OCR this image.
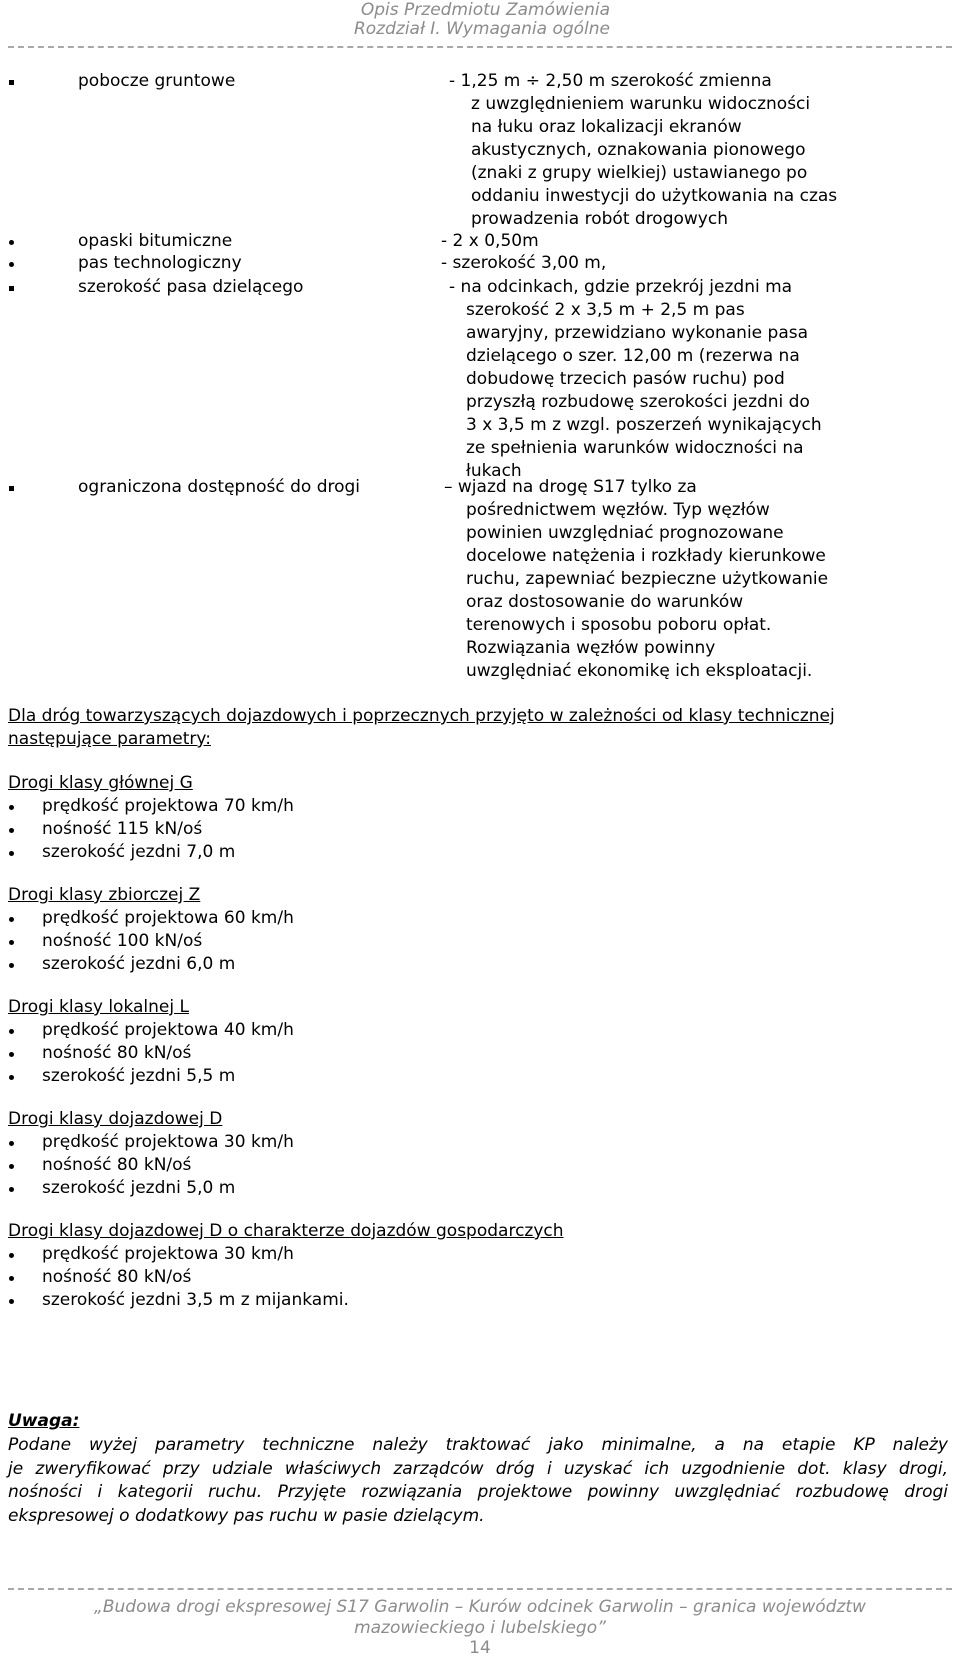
Opis Przedmiotu Zamówienia
Rozdział I. Wymagania ogólne
pobocze gruntowe	- 1,25 m ÷ 2,50 m szerokość zmienna
z uwzględnieniem warunku widoczności
na łuku oraz lokalizacji ekranów
akustycznych, oznakowania pionowego
(znaki z grupy wielkiej) ustawianego po
oddaniu inwestycji do użytkowania na czas
prowadzenia robót drogowych
opaski bitumiczne	- 2 x 0,50m
pas technologiczny	- szerokość 3,00 m,
szerokość pasa dzielącego	- na odcinkach, gdzie przekrój jezdni ma
szerokość 2 x 3,5 m + 2,5 m pas
awaryjny, przewidziano wykonanie pasa
dzielącego o szer. 12,00 m (rezerwa na
dobudowę trzecich pasów ruchu) pod
przyszłą rozbudowę szerokości jezdni do
3 x 3,5 m z wzgl. poszerzeń wynikających
ze spełnienia warunków widoczności na
łukach
ograniczona dostępność do drogi	– wjazd na drogę S17 tylko za
pośrednictwem węzłów. Typ węzłów
powinien uwzględniać prognozowane
docelowe natężenia i rozkłady kierunkowe
ruchu, zapewniać bezpieczne użytkowanie
oraz dostosowanie do warunków
terenowych i sposobu poboru opłat.
Rozwiązania węzłów powinny
uwzględniać ekonomikę ich eksploatacji.
Dla dróg towarzyszących dojazdowych i poprzecznych przyjęto w zależności od klasy technicznej
następujące parametry:
Drogi klasy głównej G
prędkość projektowa 70 km/h
nośność 115 kN/oś
szerokość jezdni 7,0 m
Drogi klasy zbiorczej Z
prędkość projektowa 60 km/h
nośność 100 kN/oś
szerokość jezdni 6,0 m
Drogi klasy lokalnej L
prędkość projektowa 40 km/h
nośność 80 kN/oś
szerokość jezdni 5,5 m
Drogi klasy dojazdowej D
prędkość projektowa 30 km/h
nośność 80 kN/oś
szerokość jezdni 5,0 m
Drogi klasy dojazdowej D o charakterze dojazdów gospodarczych
prędkość projektowa 30 km/h
nośność 80 kN/oś
szerokość jezdni 3,5 m z mijankami.
Uwaga:
Podane wyżej parametry techniczne należy traktować jako minimalne, a na etapie KP należy
je zweryfikować przy udziale właściwych zarządców dróg i uzyskać ich uzgodnienie dot. klasy drogi,
nośności i kategorii ruchu. Przyjęte rozwiązania projektowe powinny uwzględniać rozbudowę drogi
ekspresowej o dodatkowy pas ruchu w pasie dzielącym.
„Budowa drogi ekspresowej S17 Garwolin – Kurów odcinek Garwolin – granica województw
mazowieckiego i lubelskiego”
14
